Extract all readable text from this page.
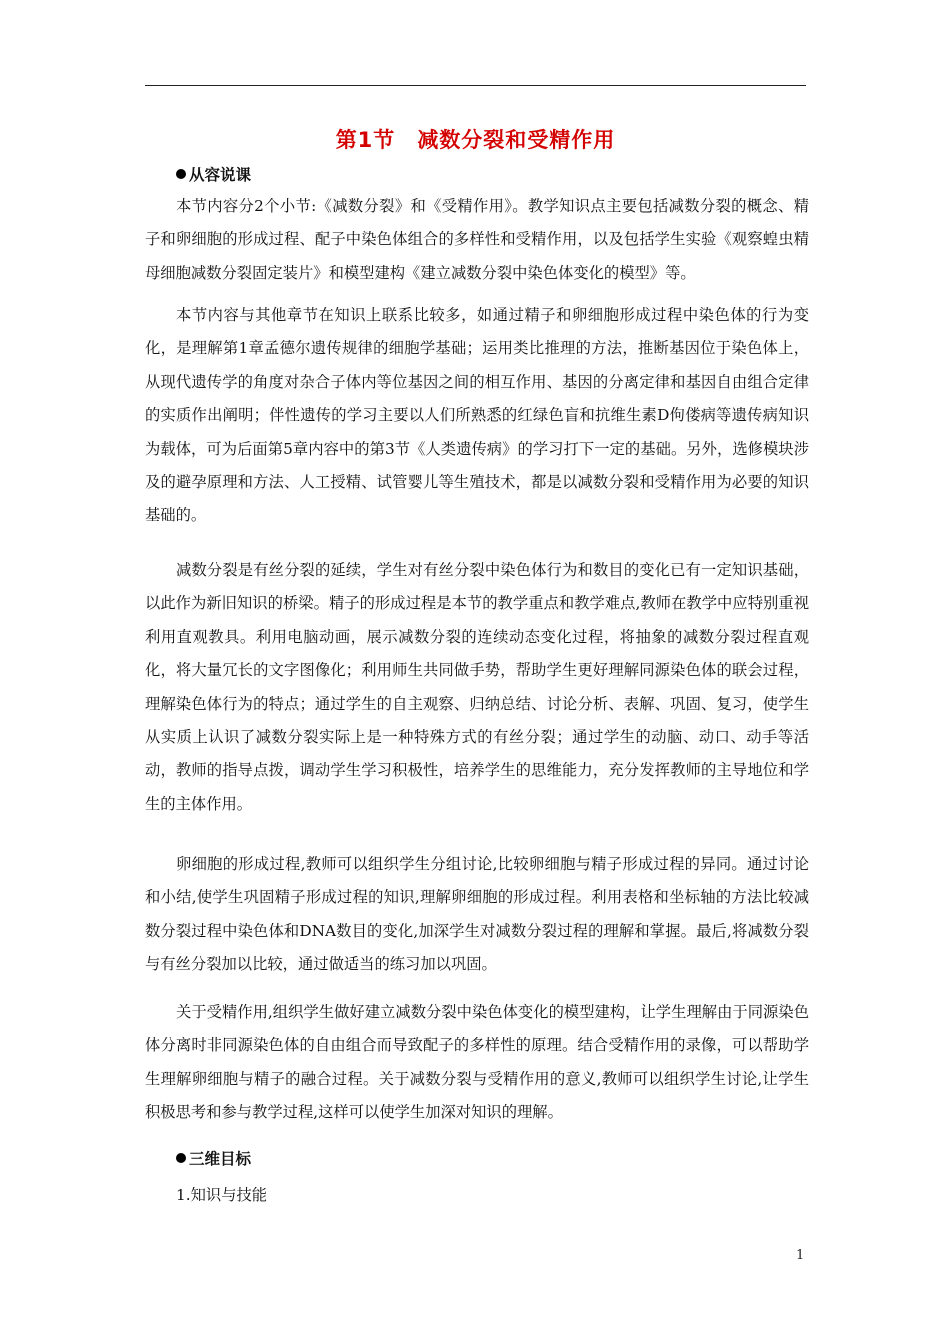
第1节 减数分裂和受精作用
从容说课
本节内容分2个小节:《减数分裂》和《受精作用》。教学知识点主要包括减数分裂的概念、精子和卵细胞的形成过程、配子中染色体组合的多样性和受精作用，以及包括学生实验《观察蝗虫精母细胞减数分裂固定装片》和模型建构《建立减数分裂中染色体变化的模型》等。
本节内容与其他章节在知识上联系比较多，如通过精子和卵细胞形成过程中染色体的行为变化，是理解第1章孟德尔遗传规律的细胞学基础；运用类比推理的方法，推断基因位于染色体上，从现代遗传学的角度对杂合子体内等位基因之间的相互作用、基因的分离定律和基因自由组合定律的实质作出阐明；伴性遗传的学习主要以人们所熟悉的红绿色盲和抗维生素D佝偻病等遗传病知识为载体，可为后面第5章内容中的第3节《人类遗传病》的学习打下一定的基础。另外，选修模块涉及的避孕原理和方法、人工授精、试管婴儿等生殖技术，都是以减数分裂和受精作用为必要的知识基础的。
减数分裂是有丝分裂的延续，学生对有丝分裂中染色体行为和数目的变化已有一定知识基础，以此作为新旧知识的桥梁。精子的形成过程是本节的教学重点和教学难点,教师在教学中应特别重视利用直观教具。利用电脑动画，展示减数分裂的连续动态变化过程，将抽象的减数分裂过程直观化，将大量冗长的文字图像化；利用师生共同做手势，帮助学生更好理解同源染色体的联会过程，理解染色体行为的特点；通过学生的自主观察、归纳总结、讨论分析、表解、巩固、复习，使学生从实质上认识了减数分裂实际上是一种特殊方式的有丝分裂；通过学生的动脑、动口、动手等活动，教师的指导点拨，调动学生学习积极性，培养学生的思维能力，充分发挥教师的主导地位和学生的主体作用。
卵细胞的形成过程,教师可以组织学生分组讨论,比较卵细胞与精子形成过程的异同。通过讨论和小结,使学生巩固精子形成过程的知识,理解卵细胞的形成过程。利用表格和坐标轴的方法比较减数分裂过程中染色体和DNA数目的变化,加深学生对减数分裂过程的理解和掌握。最后,将减数分裂与有丝分裂加以比较，通过做适当的练习加以巩固。
关于受精作用,组织学生做好建立减数分裂中染色体变化的模型建构，让学生理解由于同源染色体分离时非同源染色体的自由组合而导致配子的多样性的原理。结合受精作用的录像，可以帮助学生理解卵细胞与精子的融合过程。关于减数分裂与受精作用的意义,教师可以组织学生讨论,让学生积极思考和参与教学过程,这样可以使学生加深对知识的理解。
三维目标
1.知识与技能
1
